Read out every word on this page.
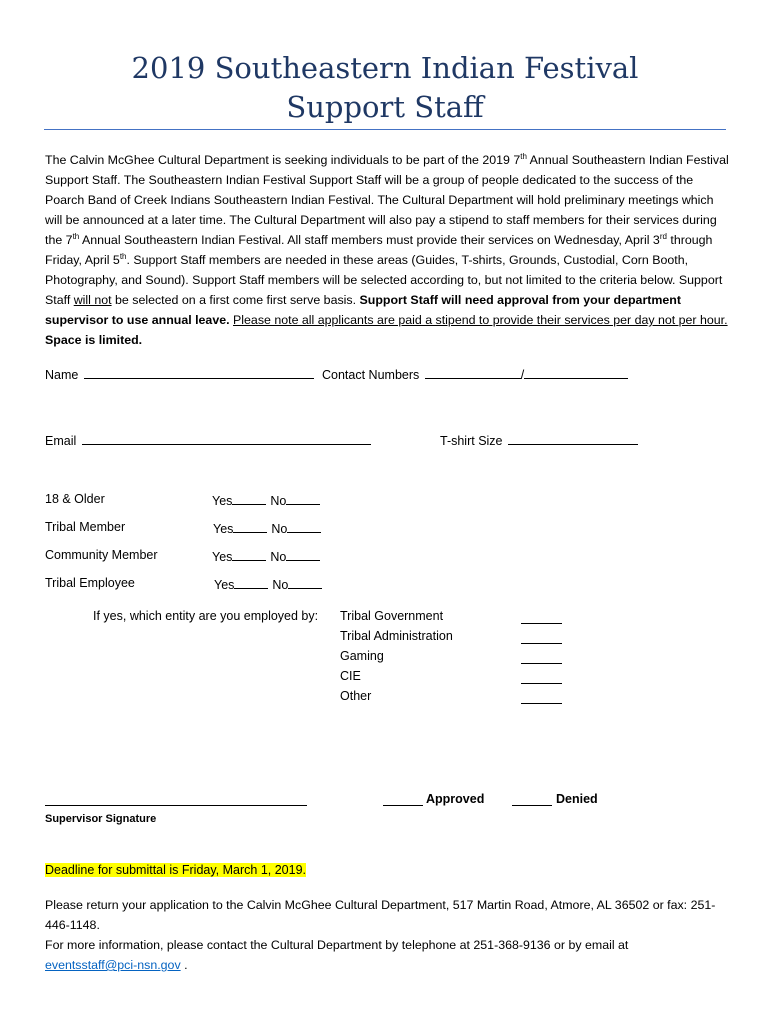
2019 Southeastern Indian Festival
Support Staff
The Calvin McGhee Cultural Department is seeking individuals to be part of the 2019 7th Annual Southeastern Indian Festival Support Staff. The Southeastern Indian Festival Support Staff will be a group of people dedicated to the success of the Poarch Band of Creek Indians Southeastern Indian Festival. The Cultural Department will hold preliminary meetings which will be announced at a later time. The Cultural Department will also pay a stipend to staff members for their services during the 7th Annual Southeastern Indian Festival. All staff members must provide their services on Wednesday, April 3rd through Friday, April 5th. Support Staff members are needed in these areas (Guides, T-shirts, Grounds, Custodial, Corn Booth, Photography, and Sound). Support Staff members will be selected according to, but not limited to the criteria below. Support Staff will not be selected on a first come first serve basis. Support Staff will need approval from your department supervisor to use annual leave. Please note all applicants are paid a stipend to provide their services per day not per hour. Space is limited.
Name	Contact Numbers	/
Email	T-shirt Size
18 & Older	Yes	No
Tribal Member	Yes	No
Community Member	Yes	No
Tribal Employee	Yes	No
If yes, which entity are you employed by: Tribal Government
Tribal Administration
Gaming
CIE
Other
Supervisor Signature
Approved	Denied
Deadline for submittal is Friday, March 1, 2019.
Please return your application to the Calvin McGhee Cultural Department, 517 Martin Road, Atmore, AL 36502 or fax: 251-446-1148.
For more information, please contact the Cultural Department by telephone at 251-368-9136 or by email at
eventsstaff@pci-nsn.gov .
